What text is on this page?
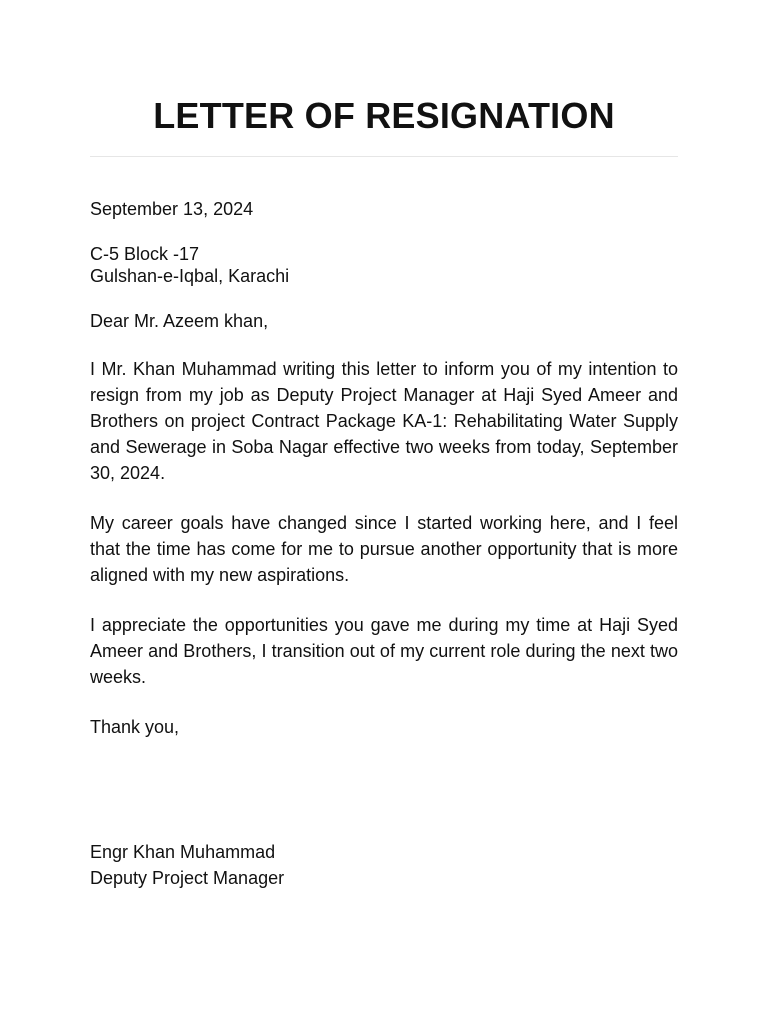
LETTER OF RESIGNATION

September 13, 2024

C-5 Block -17

Gulshan-e-Iqbal, Karachi

Dear Mr. Azeem khan,

I Mr. Khan Muhammad writing this letter to inform you of my intention to resign from my job as Deputy Project Manager at Haji Syed Ameer and Brothers on project Contract Package KA-1: Rehabilitating Water Supply and Sewerage in Soba Nagar effective two weeks from today, September 30, 2024.

My career goals have changed since I started working here, and I feel that the time has come for me to pursue another opportunity that is more aligned with my new aspirations.

I appreciate the opportunities you gave me during my time at Haji Syed Ameer and Brothers, I transition out of my current role during the next two weeks.

Thank you,

Engr Khan Muhammad

Deputy Project Manager
